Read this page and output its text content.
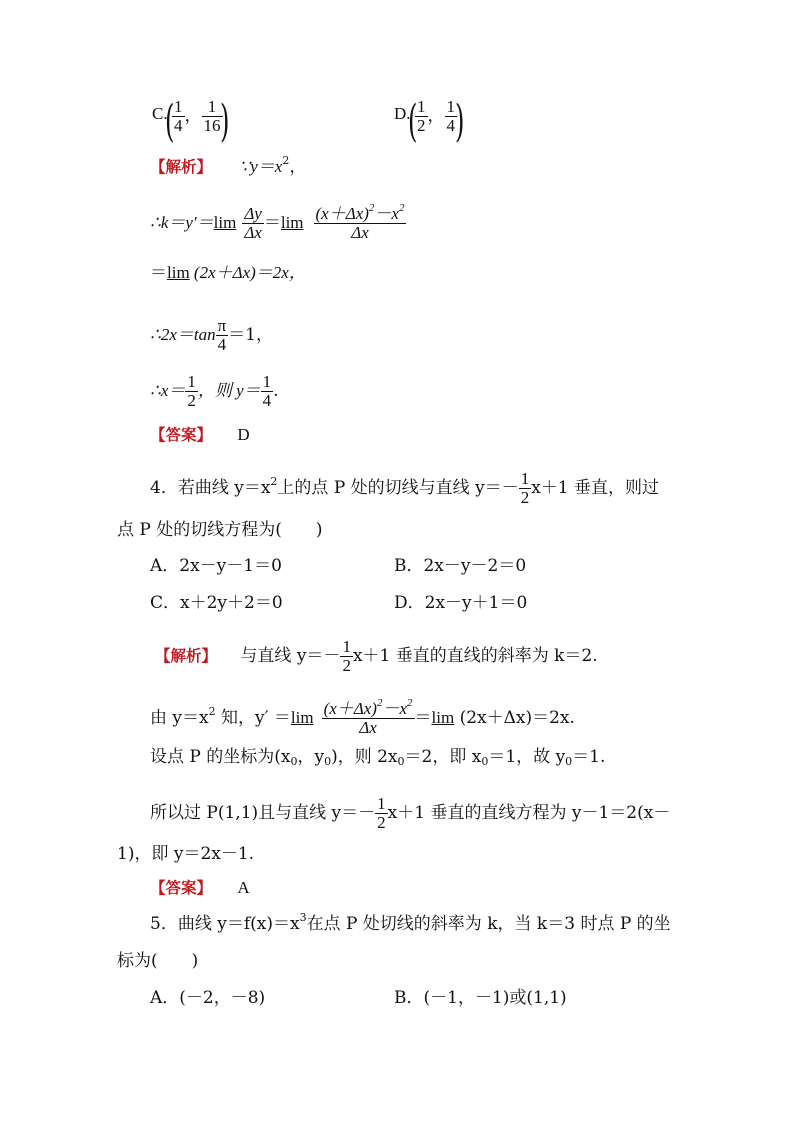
C.
(
$\frac{1}{4}$ ， $\frac{1}{16}$
)	D.
(
$\frac{1}{2}$ ， $\frac{1}{4}$
)
【解析】 $\because y=x^2$，
∴k＝y′＝ $\lim \frac{\Delta y}{\Delta x} = \lim \frac{(x+\Delta x)^2-x^2}{\Delta x}$
＝ lim (2x＋Δx)＝2x，
∴2x＝tan $\frac{\pi}{4} =1$，
∴x＝ $\frac{1}{2}$ ，则 $y= \frac{1}{4}$ .
【答案】 D
4．若曲线 $y=x^2$上的点 P 处的切线与直线 $y=- \frac{1}{2} x+1$ 垂直，则过
点 P 处的切线方程为(　　)
A．2x－y－1＝0	B．2x－y－2＝0
C．x＋2y＋2＝0	D．2x－y＋1＝0
【解析】 与直线 $y=- \frac{1}{2} x+1$ 垂直的直线的斜率为 k＝2.
由 $y=x^2$ 知，$y' = \lim \frac{(x+\Delta x)^2-x^2}{\Delta x} = \lim (2x+\Delta x)=2x$.
设点 P 的坐标为($x_0$，$y_0$)，则 $2x_0=2$，即 $x_0=1$，故 $y_0=1$.
所以过 P(1,1)且与直线 $y=- \frac{1}{2} x+1$ 垂直的直线方程为 y－1＝2(x－
1)，即 y＝2x－1.
【答案】 A
5．曲线 $y=f(x)=x^3$在点 P 处切线的斜率为 k，当 k＝3 时点 P 的坐
标为(　　)
A．(－2，－8)	B．(－1，－1)或(1,1)
